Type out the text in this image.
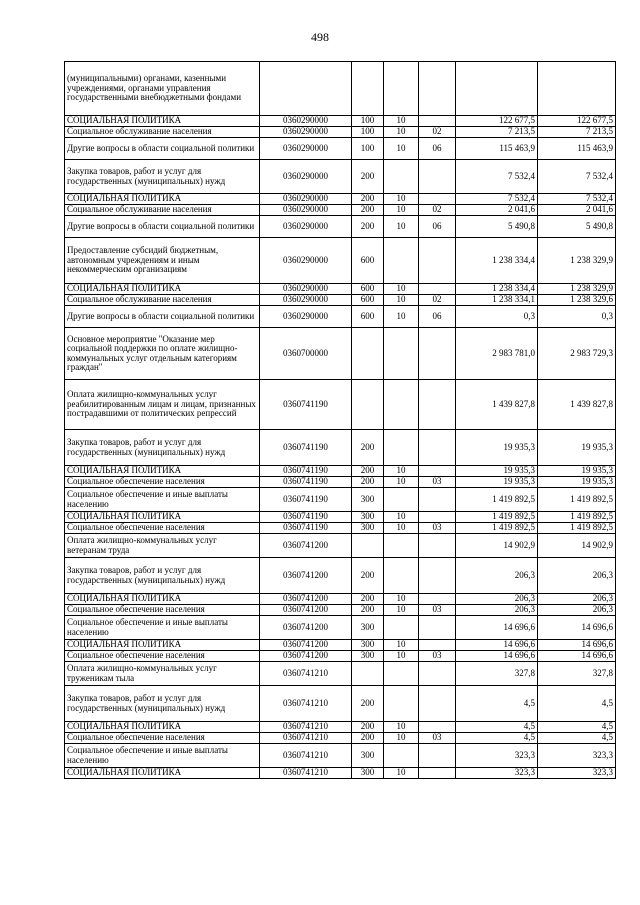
498
(муниципальными) органами, казенными учреждениями, органами управления государственными внебюджетными фондами						
СОЦИАЛЬНАЯ ПОЛИТИКА	0360290000	100	10		122 677,5	122 677,5
Социальное обслуживание населения	0360290000	100	10	02	7 213,5	7 213,5
Другие вопросы в области социальной политики	0360290000	100	10	06	115 463,9	115 463,9
Закупка товаров, работ и услуг для государственных (муниципальных) нужд	0360290000	200			7 532,4	7 532,4
СОЦИАЛЬНАЯ ПОЛИТИКА	0360290000	200	10		7 532,4	7 532,4
Социальное обслуживание населения	0360290000	200	10	02	2 041,6	2 041,6
Другие вопросы в области социальной политики	0360290000	200	10	06	5 490,8	5 490,8
Предоставление субсидий бюджетным, автономным учреждениям и иным некоммерческим организациям	0360290000	600			1 238 334,4	1 238 329,9
СОЦИАЛЬНАЯ ПОЛИТИКА	0360290000	600	10		1 238 334,4	1 238 329,9
Социальное обслуживание населения	0360290000	600	10	02	1 238 334,1	1 238 329,6
Другие вопросы в области социальной политики	0360290000	600	10	06	0,3	0,3
Основное мероприятие "Оказание мер социальной поддержки по оплате жилищно-коммунальных услуг отдельным категориям граждан"	0360700000				2 983 781,0	2 983 729,3
Оплата жилищно-коммунальных услуг реабилитированным лицам и лицам, признанных пострадавшими от политических репрессий	0360741190				1 439 827,8	1 439 827,8
Закупка товаров, работ и услуг для государственных (муниципальных) нужд	0360741190	200			19 935,3	19 935,3
СОЦИАЛЬНАЯ ПОЛИТИКА	0360741190	200	10		19 935,3	19 935,3
Социальное обеспечение населения	0360741190	200	10	03	19 935,3	19 935,3
Социальное обеспечение и иные выплаты населению	0360741190	300			1 419 892,5	1 419 892,5
СОЦИАЛЬНАЯ ПОЛИТИКА	0360741190	300	10		1 419 892,5	1 419 892,5
Социальное обеспечение населения	0360741190	300	10	03	1 419 892,5	1 419 892,5
Оплата жилищно-коммунальных услуг ветеранам труда	0360741200				14 902,9	14 902,9
Закупка товаров, работ и услуг для государственных (муниципальных) нужд	0360741200	200			206,3	206,3
СОЦИАЛЬНАЯ ПОЛИТИКА	0360741200	200	10		206,3	206,3
Социальное обеспечение населения	0360741200	200	10	03	206,3	206,3
Социальное обеспечение и иные выплаты населению	0360741200	300			14 696,6	14 696,6
СОЦИАЛЬНАЯ ПОЛИТИКА	0360741200	300	10		14 696,6	14 696,6
Социальное обеспечение населения	0360741200	300	10	03	14 696,6	14 696,6
Оплата жилищно-коммунальных услуг труженикам тыла	0360741210				327,8	327,8
Закупка товаров, работ и услуг для государственных (муниципальных) нужд	0360741210	200			4,5	4,5
СОЦИАЛЬНАЯ ПОЛИТИКА	0360741210	200	10		4,5	4,5
Социальное обеспечение населения	0360741210	200	10	03	4,5	4,5
Социальное обеспечение и иные выплаты населению	0360741210	300			323,3	323,3
СОЦИАЛЬНАЯ ПОЛИТИКА	0360741210	300	10		323,3	323,3
